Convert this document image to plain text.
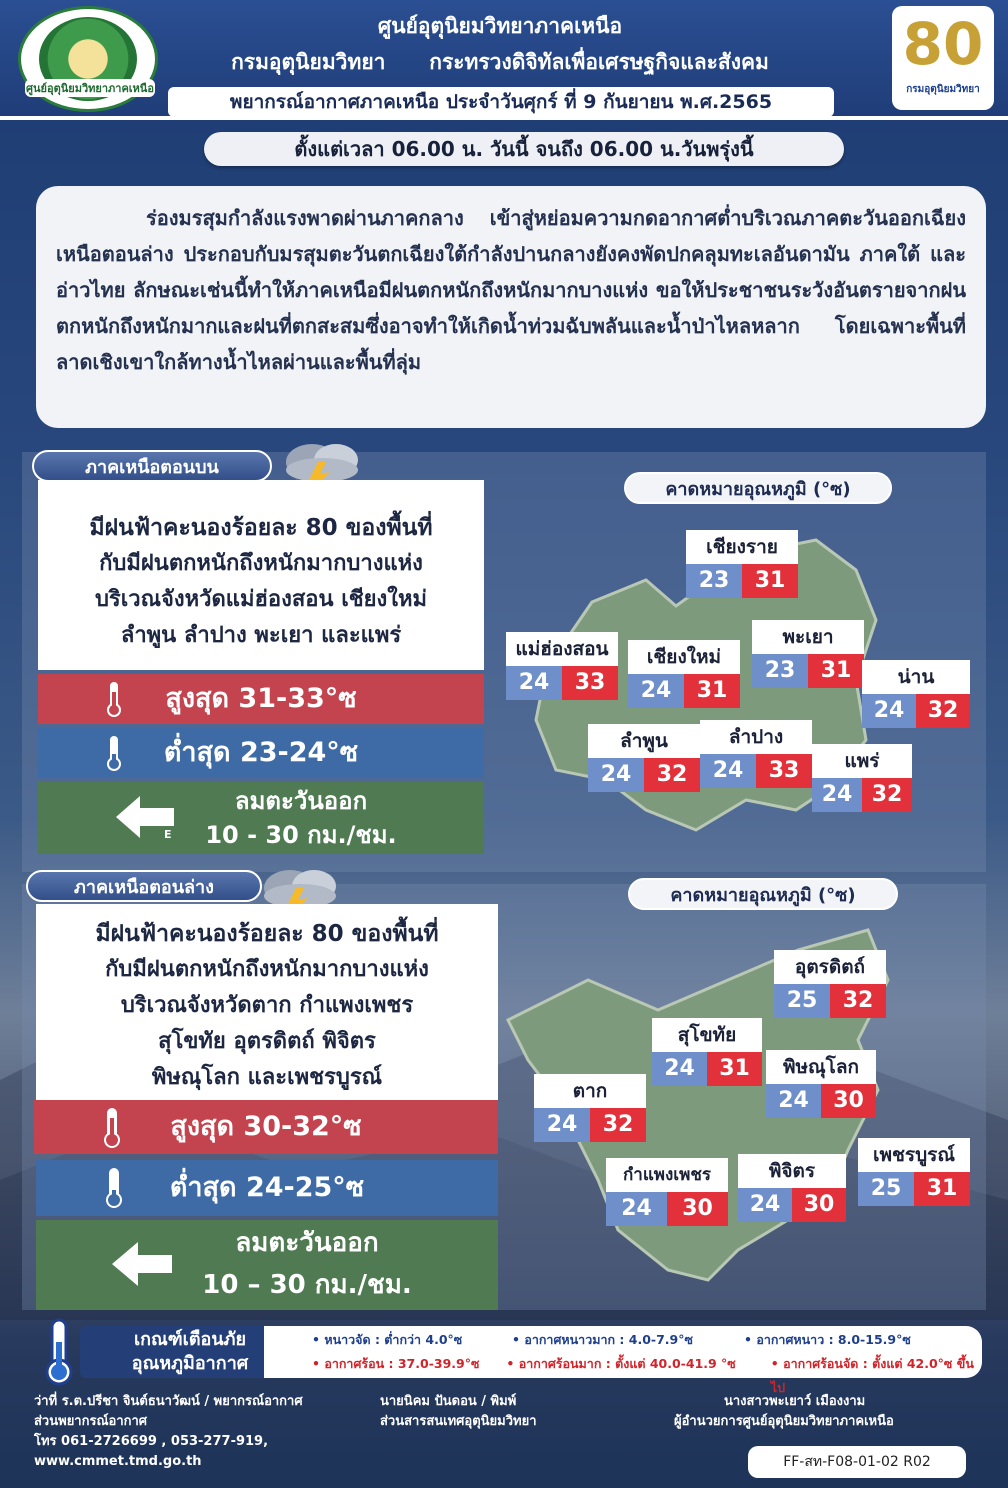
ศูนย์อุตุนิยมวิทยาภาคเหนือ
ศูนย์อุตุนิยมวิทยาภาคเหนือ
กรมอุตุนิยมวิทยา      กระทรวงดิจิทัลเพื่อเศรษฐกิจและสังคม
พยากรณ์อากาศภาคเหนือ ประจำวันศุกร์ ที่ 9 กันยายน พ.ศ.2565
80
กรมอุตุนิยมวิทยา
ตั้งแต่เวลา 06.00 น. วันนี้ จนถึง 06.00 น.วันพรุ่งนี้
ร่องมรสุมกำลังแรงพาดผ่านภาคกลาง เข้าสู่หย่อมความกดอากาศต่ำบริเวณภาคตะวันออกเฉียงเหนือตอนล่าง ประกอบกับมรสุมตะวันตกเฉียงใต้กำลังปานกลางยังคงพัดปกคลุมทะเลอันดามัน ภาคใต้ และอ่าวไทย ลักษณะเช่นนี้ทำให้ภาคเหนือมีฝนตกหนักถึงหนักมากบางแห่ง ขอให้ประชาชนระวังอันตรายจากฝนตกหนักถึงหนักมากและฝนที่ตกสะสมซึ่งอาจทำให้เกิดน้ำท่วมฉับพลันและน้ำป่าไหลหลาก โดยเฉพาะพื้นที่ลาดเชิงเขาใกล้ทางน้ำไหลผ่านและพื้นที่ลุ่ม
ภาคเหนือตอนบน
มีฝนฟ้าคะนองร้อยละ 80 ของพื้นที่
กับมีฝนตกหนักถึงหนักมากบางแห่ง
บริเวณจังหวัดแม่ฮ่องสอน เชียงใหม่
ลำพูน ลำปาง พะเยา และแพร่
สูงสุด 31-33°ซ
ต่ำสุด 23-24°ซ
E
ลมตะวันออก
10 - 30 กม./ชม.
คาดหมายอุณหภูมิ (°ซ)
เชียงราย
23	31
แม่ฮ่องสอน
24	33
เชียงใหม่
24	31
พะเยา
23	31	น่าน
24	32
ลำพูน
24	32
ลำปาง
24	33	แพร่
24 32
ภาคเหนือตอนล่าง
มีฝนฟ้าคะนองร้อยละ 80 ของพื้นที่
กับมีฝนตกหนักถึงหนักมากบางแห่ง
บริเวณจังหวัดตาก กำแพงเพชร
สุโขทัย อุตรดิตถ์ พิจิตร
พิษณุโลก และเพชรบูรณ์
สูงสุด 30-32°ซ
ต่ำสุด 24-25°ซ
ลมตะวันออก
10 – 30 กม./ชม.
คาดหมายอุณหภูมิ (°ซ)
อุตรดิตถ์
25	32
สุโขทัย
24	31	พิษณุโลก
24	30
ตาก
24	32
กำแพงเพชร
24	30
พิจิตร
24	30
เพชรบูรณ์
25	31
เกณฑ์เตือนภัย
อุณหภูมิอากาศ
• หนาวจัด : ต่ำกว่า 4.0°ซ	• อากาศหนาวมาก : 4.0-7.9°ซ	• อากาศหนาว : 8.0-15.9°ซ
• อากาศร้อน : 37.0-39.9°ซ	• อากาศร้อนมาก : ตั้งแต่ 40.0-41.9 °ซ	• อากาศร้อนจัด : ตั้งแต่ 42.0°ซ ขึ้นไป
ว่าที่ ร.ต.ปรีชา จินต์ธนาวัฒน์ / พยากรณ์อากาศ
ส่วนพยากรณ์อากาศ
โทร 061-2726699 , 053-277-919, www.cmmet.tmd.go.th
นายนิคม ปันดอน / พิมพ์
ส่วนสารสนเทศอุตุนิยมวิทยา
นางสาวพะเยาว์ เมืองงาม
ผู้อำนวยการศูนย์อุตุนิยมวิทยาภาคเหนือ
FF-สท-F08-01-02 R02
